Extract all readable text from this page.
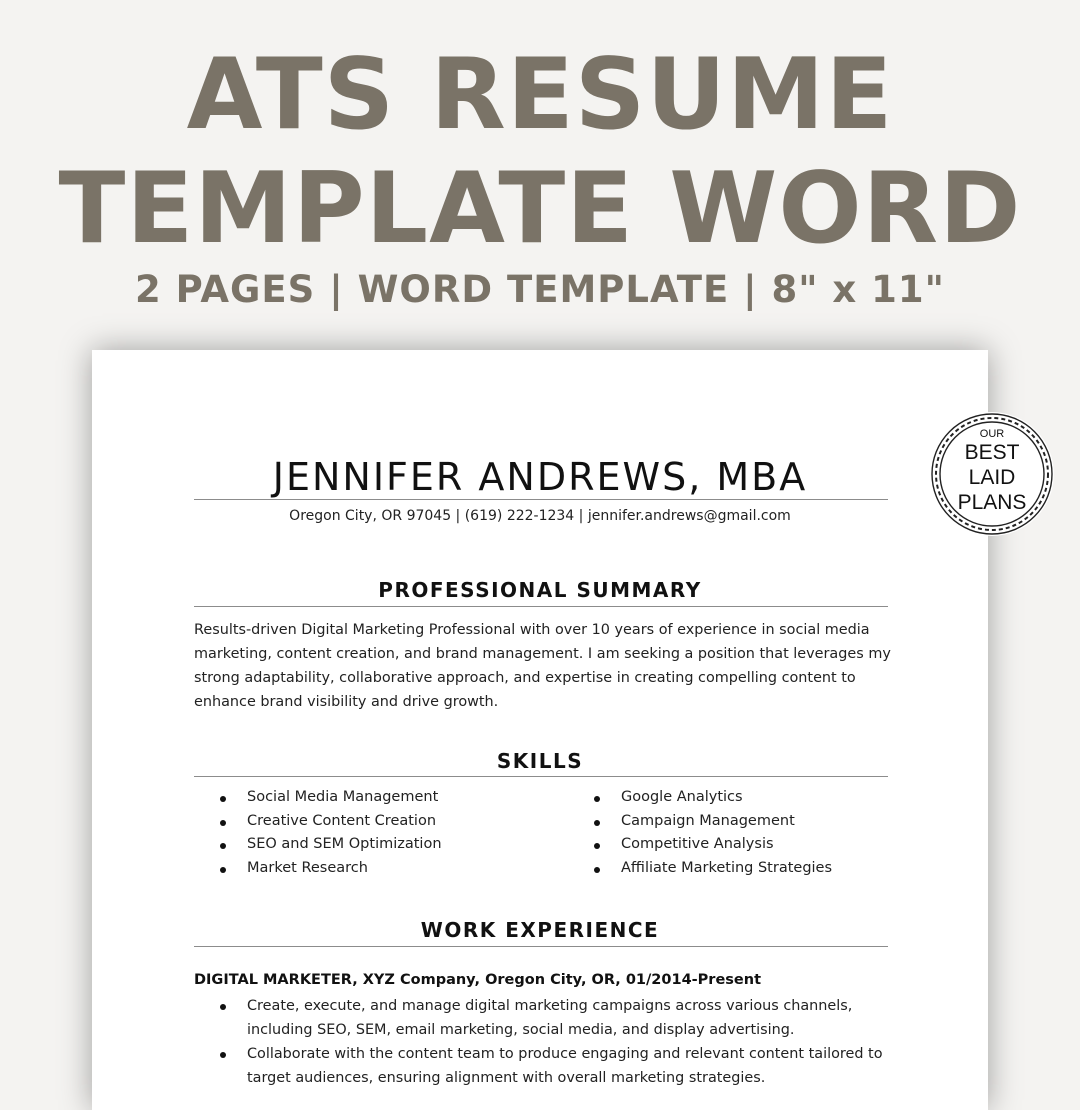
ATS RESUME
TEMPLATE WORD
2 PAGES | WORD TEMPLATE | 8" x 11"
JENNIFER ANDREWS, MBA
Oregon City, OR 97045 | (619) 222-1234 | jennifer.andrews@gmail.com
PROFESSIONAL SUMMARY
Results-driven Digital Marketing Professional with over 10 years of experience in social media marketing, content creation, and brand management. I am seeking a position that leverages my strong adaptability, collaborative approach, and expertise in creating compelling content to enhance brand visibility and drive growth.
SKILLS
Social Media Management
Creative Content Creation
SEO and SEM Optimization
Market Research
Google Analytics
Campaign Management
Competitive Analysis
Affiliate Marketing Strategies
WORK EXPERIENCE
DIGITAL MARKETER, XYZ Company, Oregon City, OR, 01/2014-Present
Create, execute, and manage digital marketing campaigns across various channels, including SEO, SEM, email marketing, social media, and display advertising.
Collaborate with the content team to produce engaging and relevant content tailored to target audiences, ensuring alignment with overall marketing strategies.
OUR
BEST
LAID
PLANS
